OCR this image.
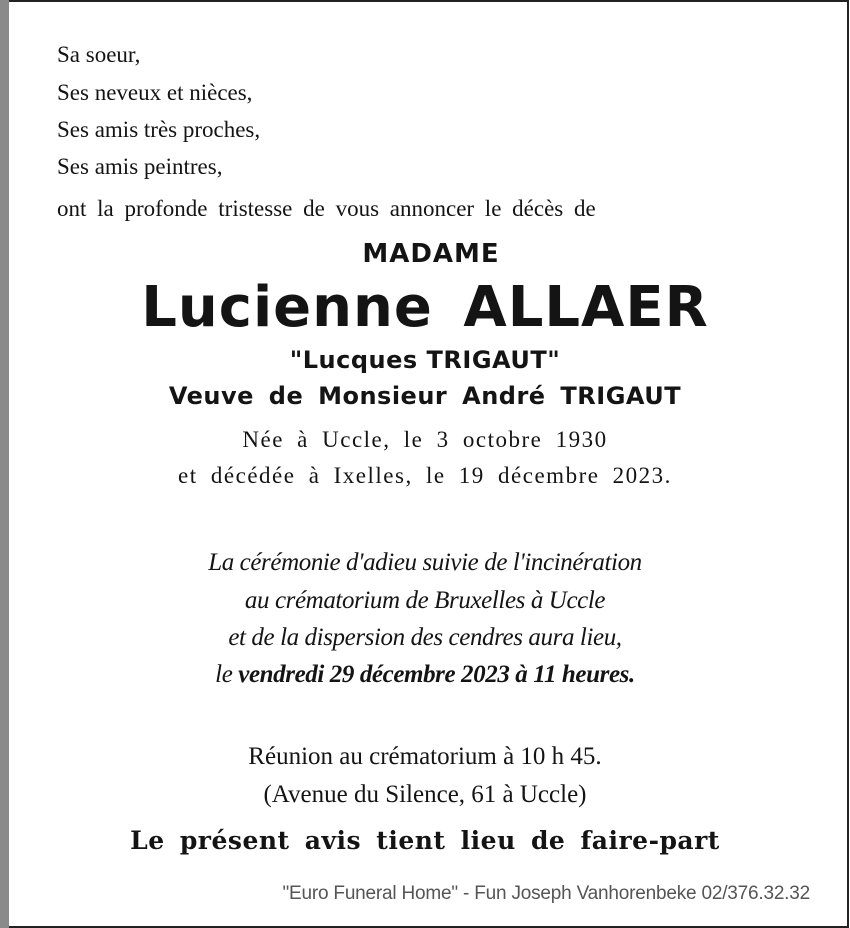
Sa soeur,
Ses neveux et nièces,
Ses amis très proches,
Ses amis peintres,
ont la profonde tristesse de vous annoncer le décès de
MADAME
Lucienne ALLAER
"Lucques TRIGAUT"
Veuve de Monsieur André TRIGAUT
Née à Uccle, le 3 octobre 1930
et décédée à Ixelles, le 19 décembre 2023.
La cérémonie d'adieu suivie de l'incinération
au crématorium de Bruxelles à Uccle
et de la dispersion des cendres aura lieu,
le vendredi 29 décembre 2023 à 11 heures.
Réunion au crématorium à 10 h 45.
(Avenue du Silence, 61 à Uccle)
Le présent avis tient lieu de faire-part
"Euro Funeral Home" - Fun Joseph Vanhorenbeke 02/376.32.32
